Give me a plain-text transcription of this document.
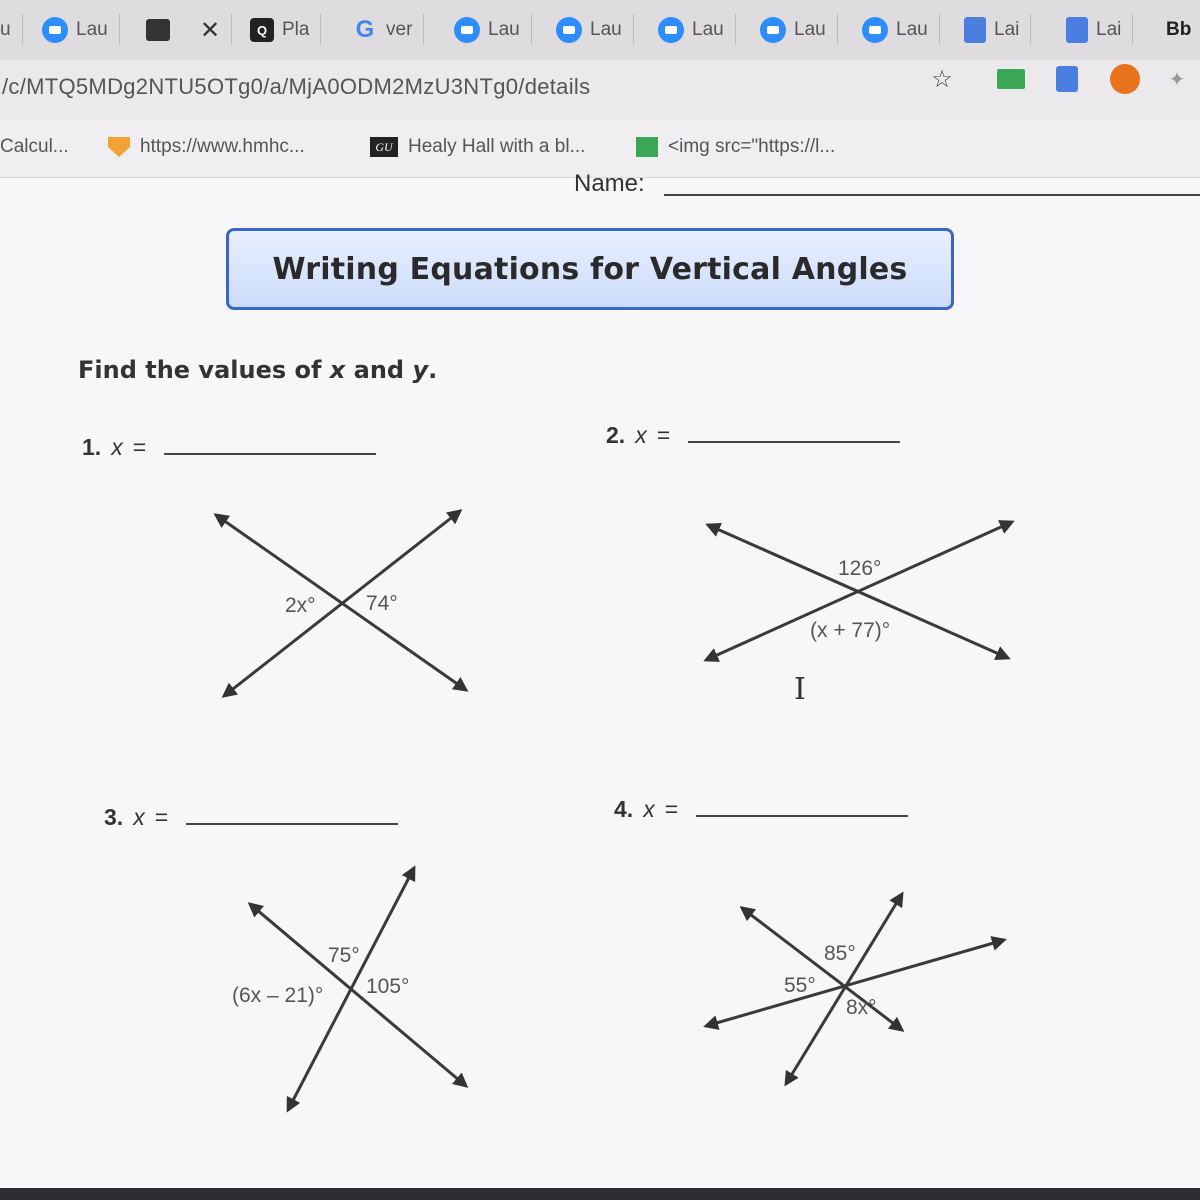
u	Lau	✕	Q Pla G ver	Lau	Lau	Lau	Lau	Lau	Lai	Lai Bb
/c/MTQ5MDg2NTU5OTg0/a/MjA0ODM2MzU3NTg0/details	☆	✦
Calcul...	https://www.hmhc...	GU Healy Hall with a bl...	<img src="https://l...
Name:
Writing Equations for Vertical Angles
Find the values of x and y.
1. x =	2. x =
3. x =	4. x =
2x° 74°
126°
(x + 77)°
75°
(6x – 21)° 105°
85°
55°
8x°
I
